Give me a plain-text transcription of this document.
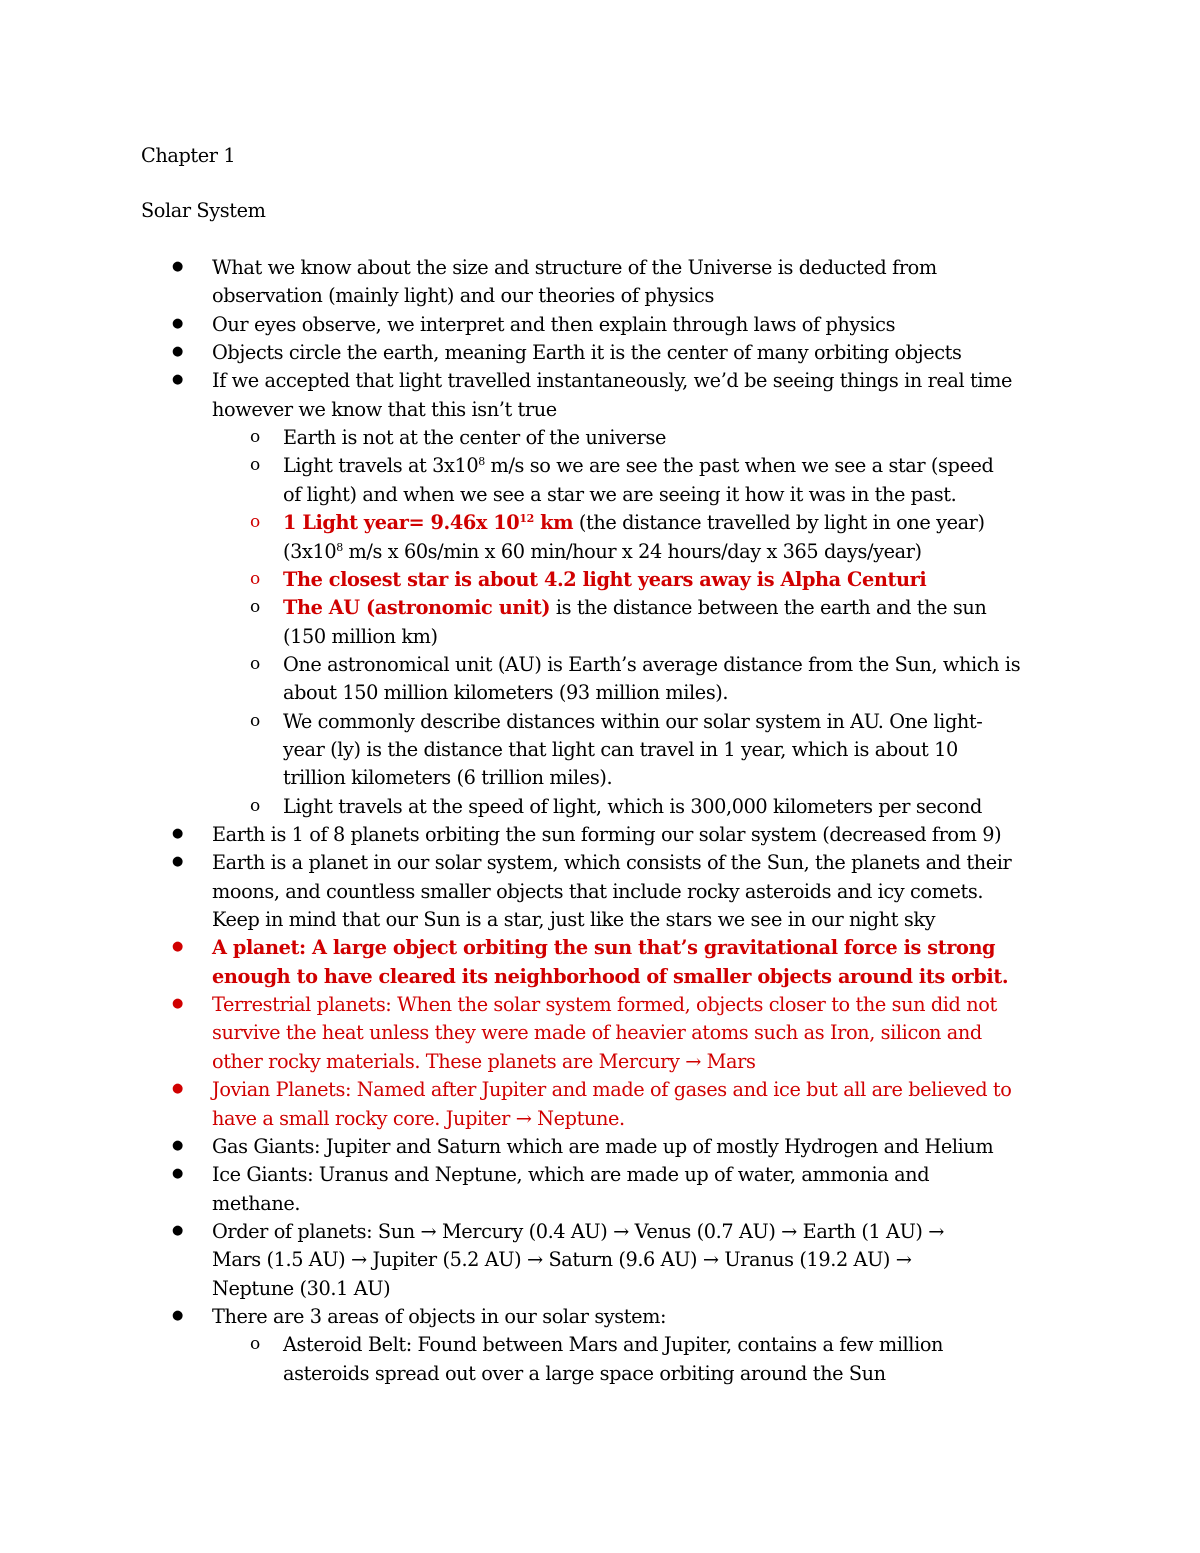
Chapter 1
Solar System
● What we know about the size and structure of the Universe is deducted from
observation (mainly light) and our theories of physics
● Our eyes observe, we interpret and then explain through laws of physics
● Objects circle the earth, meaning Earth it is the center of many orbiting objects
● If we accepted that light travelled instantaneously, we’d be seeing things in real time
however we know that this isn’t true
o Earth is not at the center of the universe
o Light travels at $3x10^8$ m/s so we are see the past when we see a star (speed
of light) and when we see a star we are seeing it how it was in the past.
o 1 Light year= 9.46x $10^{12}$ km (the distance travelled by light in one year)
($3x10^8$ m/s x 60s/min x 60 min/hour x 24 hours/day x 365 days/year)
o The closest star is about 4.2 light years away is Alpha Centuri
o The AU (astronomic unit) is the distance between the earth and the sun
(150 million km)
o One astronomical unit (AU) is Earth’s average distance from the Sun, which is
about 150 million kilometers (93 million miles).
o We commonly describe distances within our solar system in AU. One light-
year (ly) is the distance that light can travel in 1 year, which is about 10
trillion kilometers (6 trillion miles).
o Light travels at the speed of light, which is 300,000 kilometers per second
● Earth is 1 of 8 planets orbiting the sun forming our solar system (decreased from 9)
● Earth is a planet in our solar system, which consists of the Sun, the planets and their
moons, and countless smaller objects that include rocky asteroids and icy comets.
Keep in mind that our Sun is a star, just like the stars we see in our night sky
● A planet: A large object orbiting the sun that’s gravitational force is strong
enough to have cleared its neighborhood of smaller objects around its orbit.
● Terrestrial planets: When the solar system formed, objects closer to the sun did not
survive the heat unless they were made of heavier atoms such as Iron, silicon and
other rocky materials. These planets are Mercury → Mars
● Jovian Planets: Named after Jupiter and made of gases and ice but all are believed to
have a small rocky core. Jupiter → Neptune.
● Gas Giants: Jupiter and Saturn which are made up of mostly Hydrogen and Helium
● Ice Giants: Uranus and Neptune, which are made up of water, ammonia and
methane.
● Order of planets: Sun → Mercury (0.4 AU) → Venus (0.7 AU) → Earth (1 AU) →
Mars (1.5 AU) → Jupiter (5.2 AU) → Saturn (9.6 AU) → Uranus (19.2 AU) →
Neptune (30.1 AU)
● There are 3 areas of objects in our solar system:
o Asteroid Belt: Found between Mars and Jupiter, contains a few million
asteroids spread out over a large space orbiting around the Sun
